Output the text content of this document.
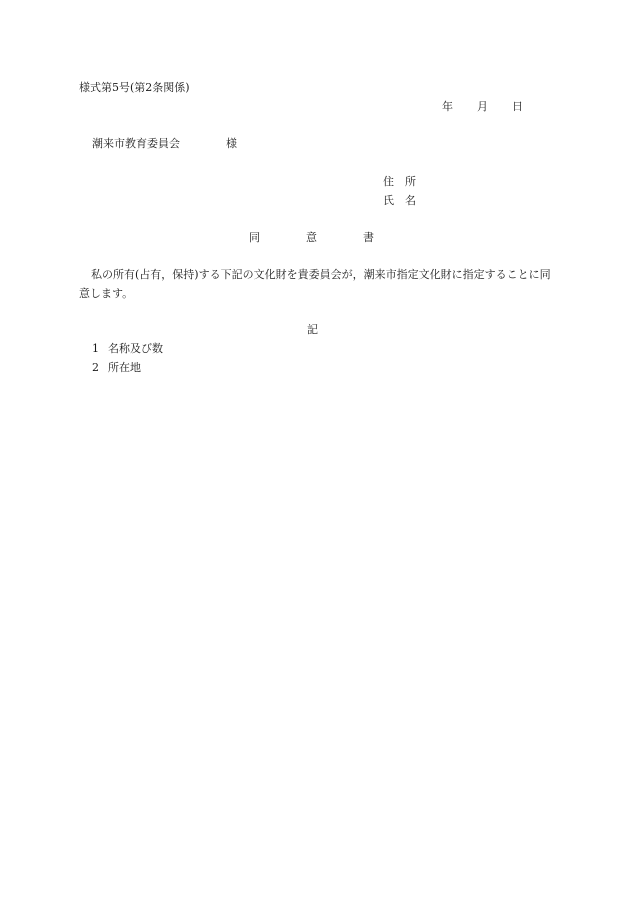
様式第5号(第2条関係)
年 月 日
潮来市教育委員会	様
住所
氏名
同	意	書

私の所有(占有，保持)する下記の文化財を貴委員会が，潮来市指定文化財に指定することに同意します。

記
1 名称及び数
2 所在地
